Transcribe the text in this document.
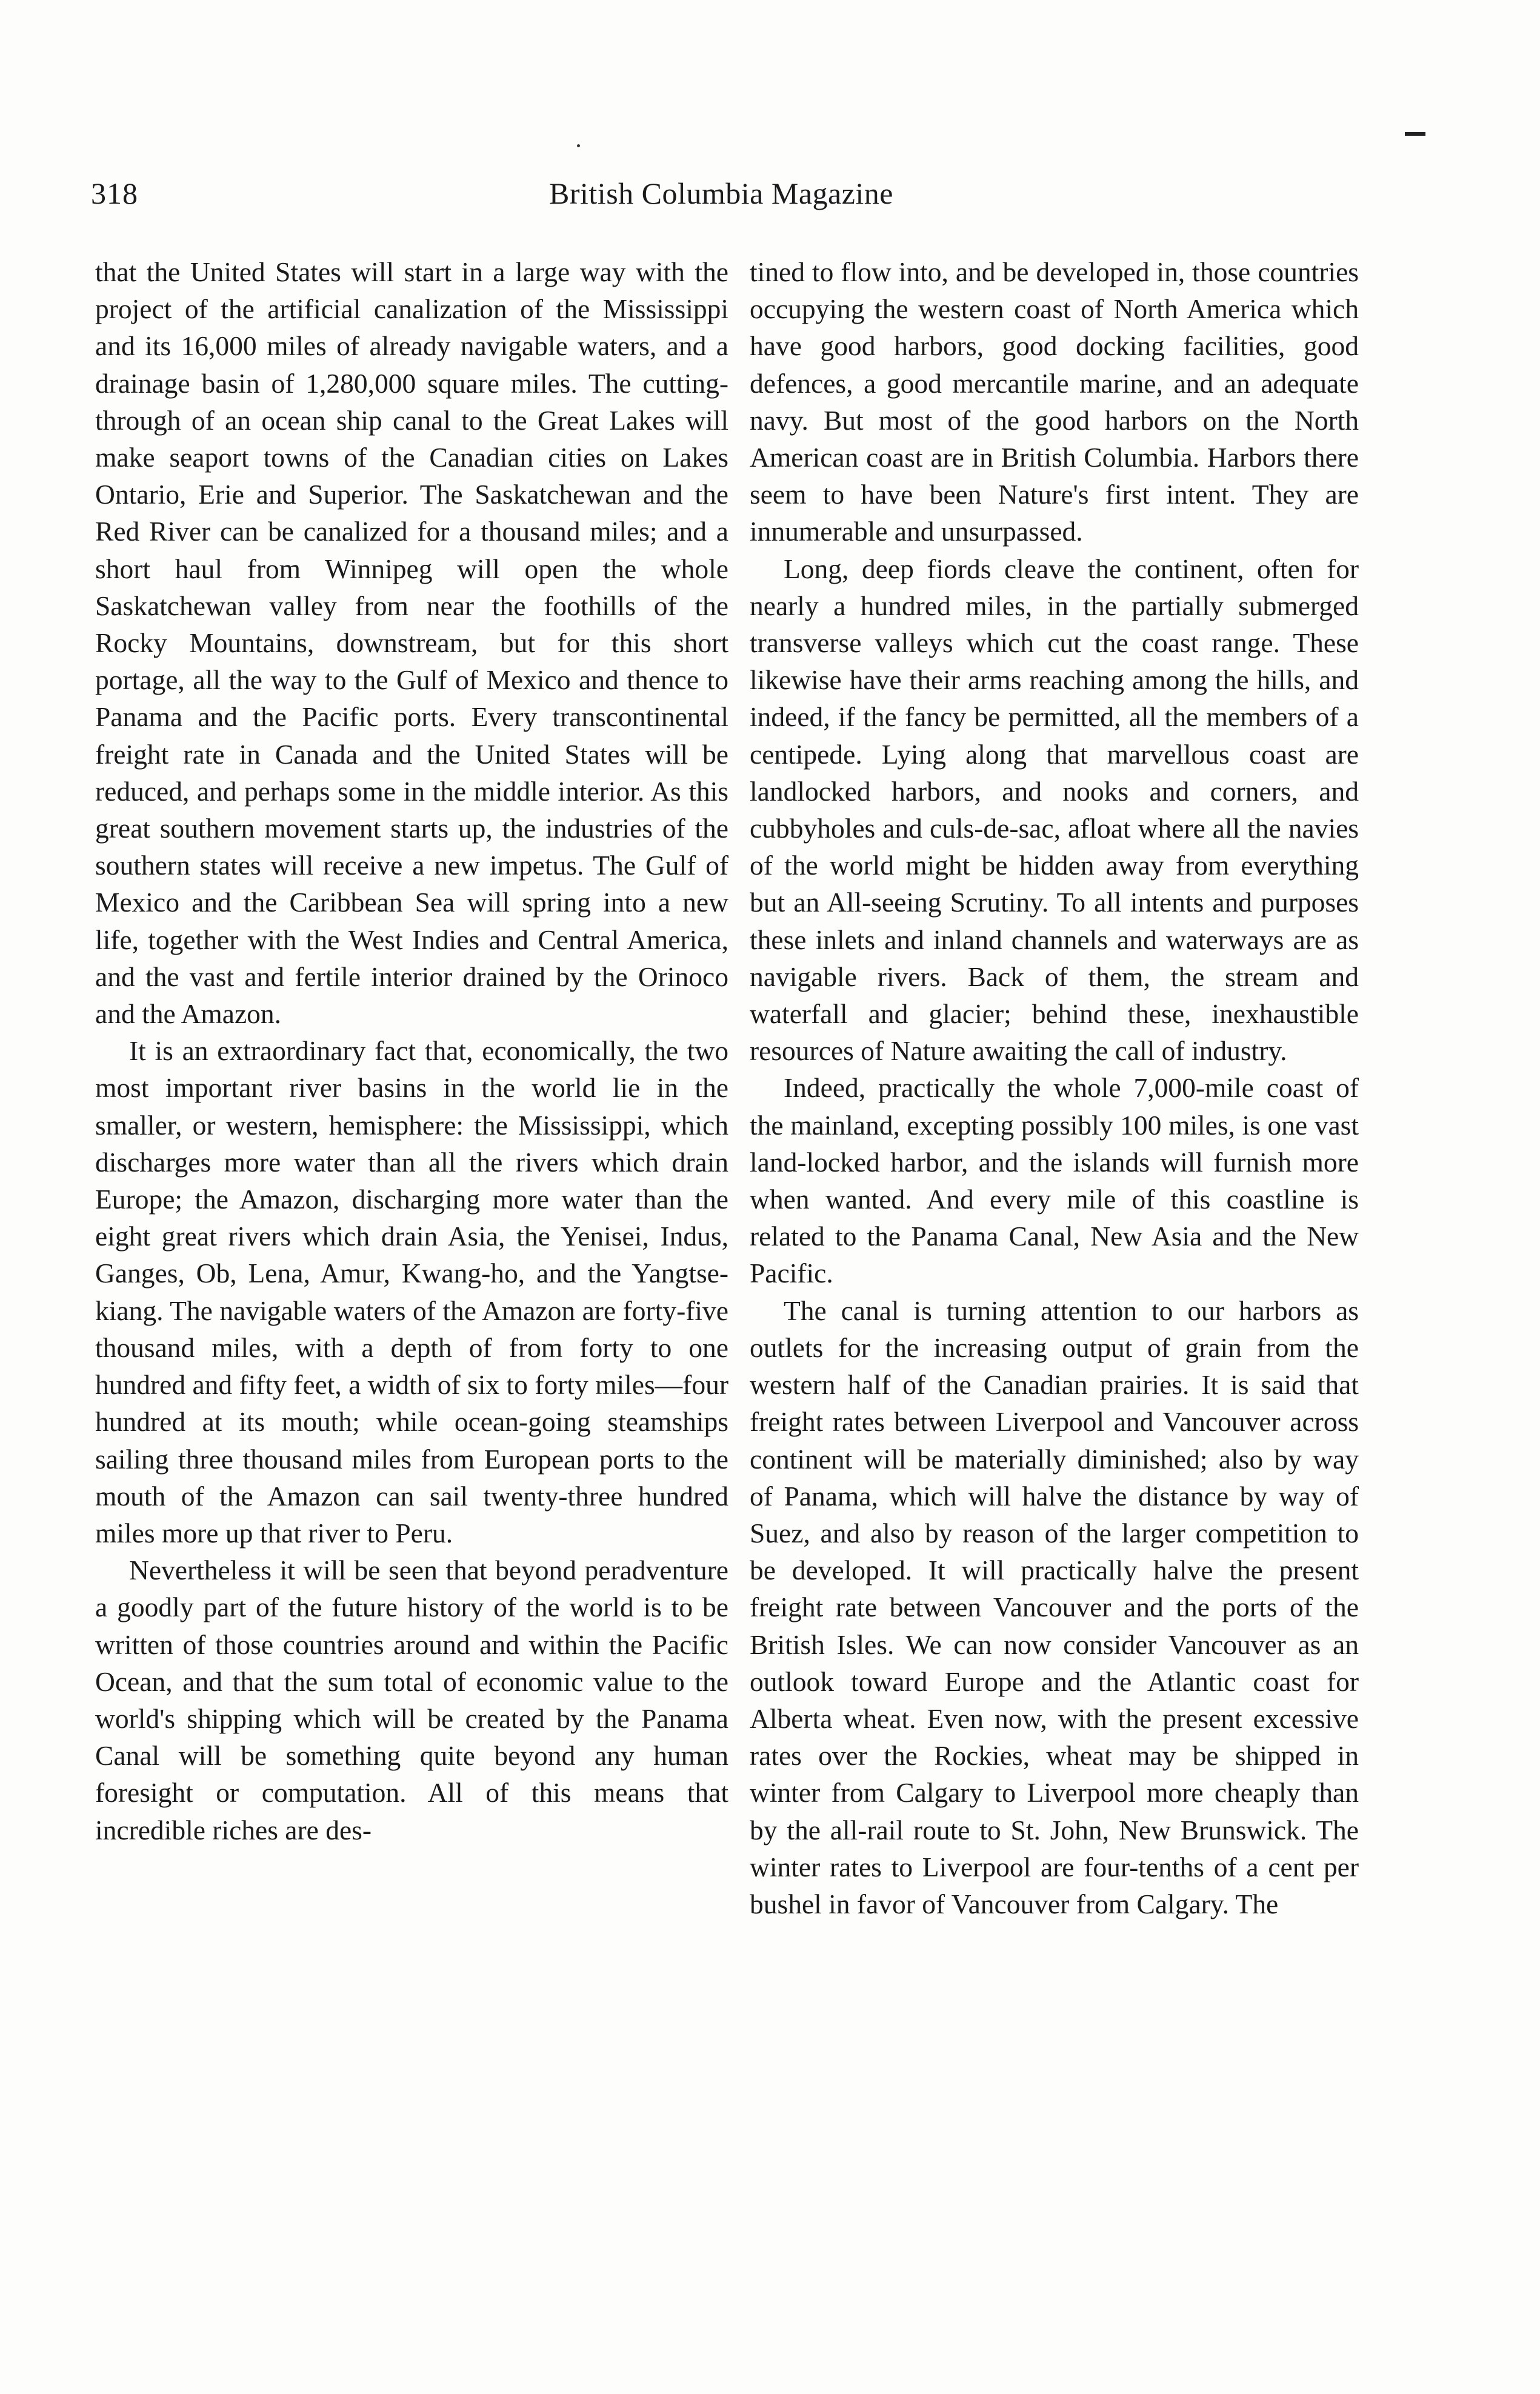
318	British Columbia Magazine

that the United States will start in a large way with the project of the artificial canalization of the Mississippi and its 16,000 miles of already navigable waters, and a drainage basin of 1,280,000 square miles. The cutting-through of an ocean ship canal to the Great Lakes will make seaport towns of the Canadian cities on Lakes Ontario, Erie and Superior. The Saskatchewan and the Red River can be canalized for a thousand miles; and a short haul from Winnipeg will open the whole Saskatchewan valley from near the foothills of the Rocky Mountains, downstream, but for this short portage, all the way to the Gulf of Mexico and thence to Panama and the Pacific ports. Every transcontinental freight rate in Canada and the United States will be reduced, and perhaps some in the middle interior. As this great southern movement starts up, the industries of the southern states will receive a new impetus. The Gulf of Mexico and the Caribbean Sea will spring into a new life, together with the West Indies and Central America, and the vast and fertile interior drained by the Orinoco and the Amazon.

It is an extraordinary fact that, economically, the two most important river basins in the world lie in the smaller, or western, hemisphere: the Mississippi, which discharges more water than all the rivers which drain Europe; the Amazon, discharging more water than the eight great rivers which drain Asia, the Yenisei, Indus, Ganges, Ob, Lena, Amur, Kwang-ho, and the Yangtse-kiang. The navigable waters of the Amazon are forty-five thousand miles, with a depth of from forty to one hundred and fifty feet, a width of six to forty miles—four hundred at its mouth; while ocean-going steamships sailing three thousand miles from European ports to the mouth of the Amazon can sail twenty-three hundred miles more up that river to Peru.

Nevertheless it will be seen that beyond peradventure a goodly part of the future history of the world is to be written of those countries around and within the Pacific Ocean, and that the sum total of economic value to the world's shipping which will be created by the Panama Canal will be something quite beyond any human foresight or computation. All of this means that incredible riches are des-

tined to flow into, and be developed in, those countries occupying the western coast of North America which have good harbors, good docking facilities, good defences, a good mercantile marine, and an adequate navy. But most of the good harbors on the North American coast are in British Columbia. Harbors there seem to have been Nature's first intent. They are innumerable and unsurpassed.

Long, deep fiords cleave the continent, often for nearly a hundred miles, in the partially submerged transverse valleys which cut the coast range. These likewise have their arms reaching among the hills, and indeed, if the fancy be permitted, all the members of a centipede. Lying along that marvellous coast are landlocked harbors, and nooks and corners, and cubbyholes and culs-de-sac, afloat where all the navies of the world might be hidden away from everything but an All-seeing Scrutiny. To all intents and purposes these inlets and inland channels and waterways are as navigable rivers. Back of them, the stream and waterfall and glacier; behind these, inexhaustible resources of Nature awaiting the call of industry.

Indeed, practically the whole 7,000-mile coast of the mainland, excepting possibly 100 miles, is one vast land-locked harbor, and the islands will furnish more when wanted. And every mile of this coastline is related to the Panama Canal, New Asia and the New Pacific.

The canal is turning attention to our harbors as outlets for the increasing output of grain from the western half of the Canadian prairies. It is said that freight rates between Liverpool and Vancouver across continent will be materially diminished; also by way of Panama, which will halve the distance by way of Suez, and also by reason of the larger competition to be developed. It will practically halve the present freight rate between Vancouver and the ports of the British Isles. We can now consider Vancouver as an outlook toward Europe and the Atlantic coast for Alberta wheat. Even now, with the present excessive rates over the Rockies, wheat may be shipped in winter from Calgary to Liverpool more cheaply than by the all-rail route to St. John, New Brunswick. The winter rates to Liverpool are four-tenths of a cent per bushel in favor of Vancouver from Calgary. The
